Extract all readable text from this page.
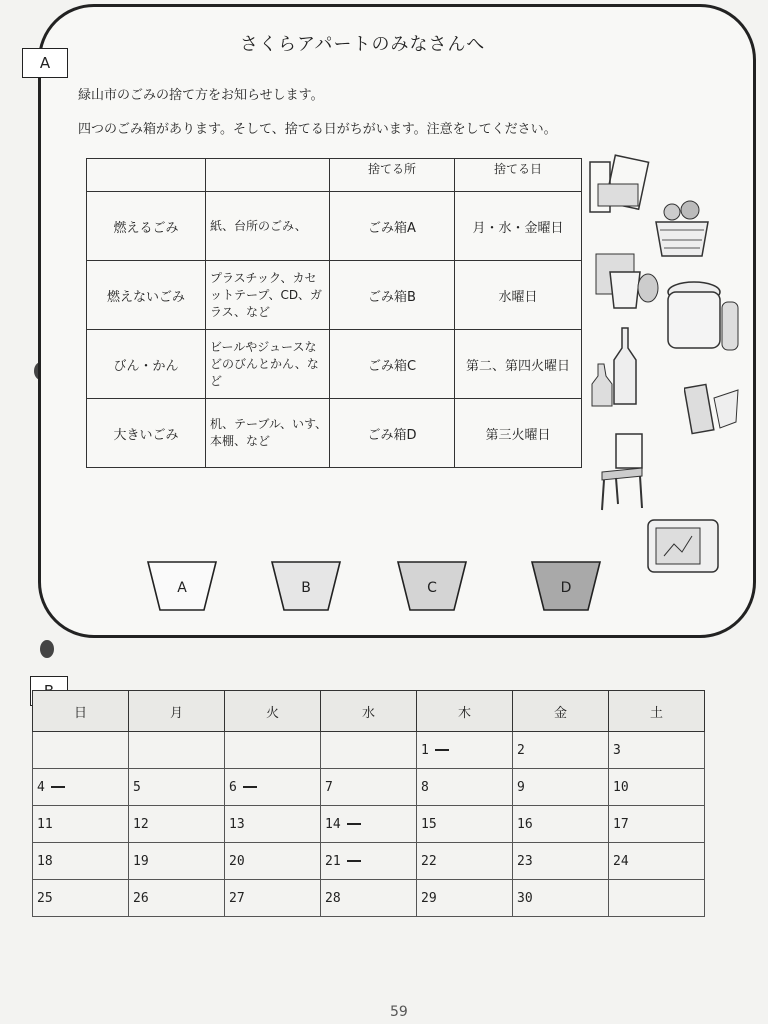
A
さくらアパートのみなさんへ
緑山市のごみの捨て方をお知らせします。
四つのごみ箱があります。そして、捨てる日がちがいます。注意をしてください。
		捨てる所	捨てる日
燃えるごみ	紙、台所のごみ、	ごみ箱A	月・水・金曜日
燃えないごみ	プラスチック、カセットテープ、CD、ガラス、など	ごみ箱B	水曜日
びん・かん	ビールやジュースなどのびんとかん、など	ごみ箱C	第二、第四火曜日
大きいごみ	机、テーブル、いす、本棚、など	ごみ箱D	第三火曜日
A	B	C	D
日	月	火	水	木	金	土
				1	2	3
4	5	6	7	8	9	10
11	12	13	14	15	16	17
18	19	20	21	22	23	24
25	26	27	28	29	30	
59
